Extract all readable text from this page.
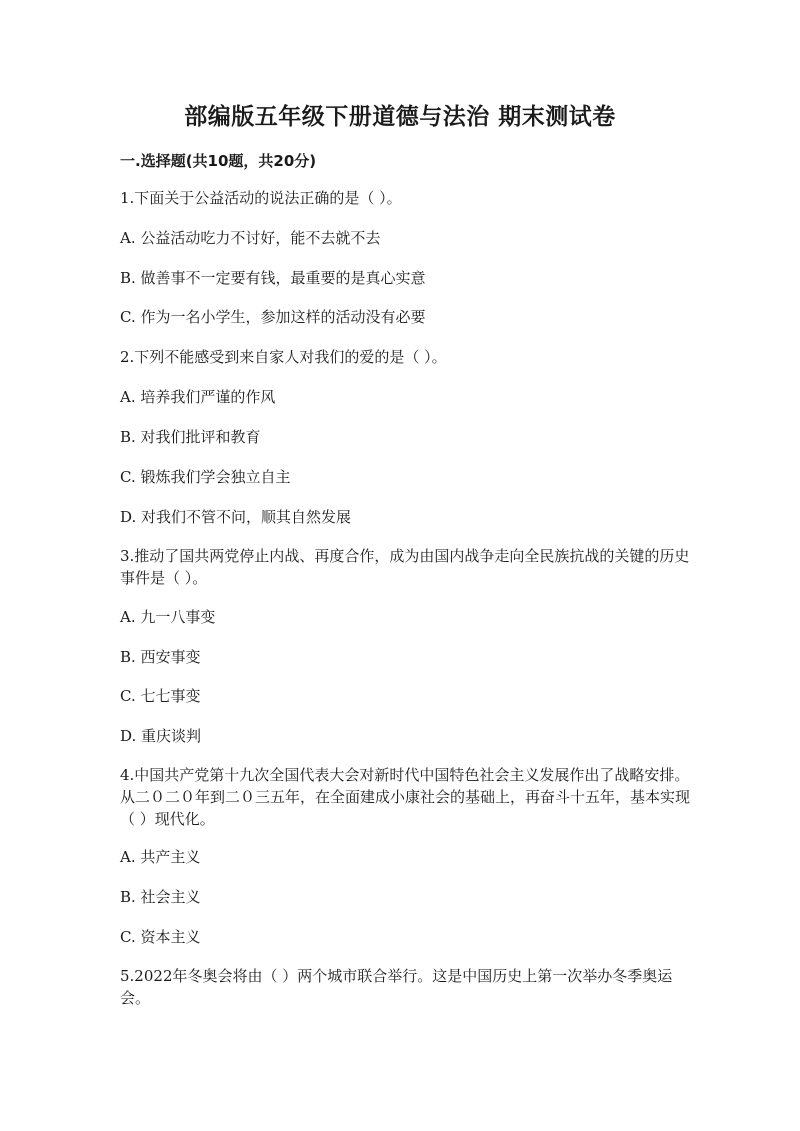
部编版五年级下册道德与法治 期末测试卷
一.选择题(共10题，共20分)
1.下面关于公益活动的说法正确的是（ ）。
A. 公益活动吃力不讨好，能不去就不去
B. 做善事不一定要有钱，最重要的是真心实意
C. 作为一名小学生，参加这样的活动没有必要
2.下列不能感受到来自家人对我们的爱的是（ ）。
A. 培养我们严谨的作风
B. 对我们批评和教育
C. 锻炼我们学会独立自主
D. 对我们不管不问，顺其自然发展
3.推动了国共两党停止内战、再度合作，成为由国内战争走向全民族抗战的关键的历史事件是（ ）。
A. 九一八事变
B. 西安事变
C. 七七事变
D. 重庆谈判
4.中国共产党第十九次全国代表大会对新时代中国特色社会主义发展作出了战略安排。从二０二０年到二０三五年，在全面建成小康社会的基础上，再奋斗十五年，基本实现（ ）现代化。
A. 共产主义
B. 社会主义
C. 资本主义
5.2022年冬奥会将由（ ）两个城市联合举行。这是中国历史上第一次举办冬季奥运会。
